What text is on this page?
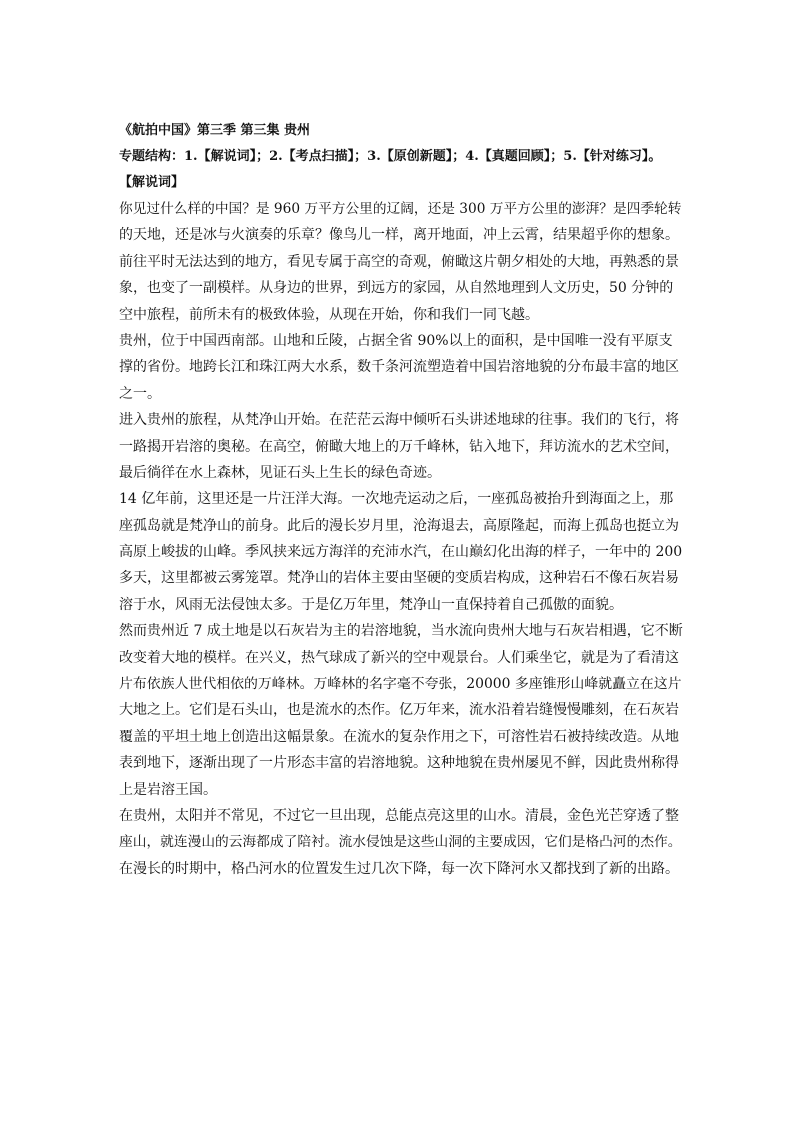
《航拍中国》第三季 第三集 贵州
专题结构：1.【解说词】；2.【考点扫描】；3.【原创新题】；4.【真题回顾】；5.【针对练习】。
【解说词】
你见过什么样的中国？是 960 万平方公里的辽阔，还是 300 万平方公里的澎湃？是四季轮转
的天地，还是冰与火演奏的乐章？像鸟儿一样，离开地面，冲上云霄，结果超乎你的想象。
前往平时无法达到的地方，看见专属于高空的奇观，俯瞰这片朝夕相处的大地，再熟悉的景
象，也变了一副模样。从身边的世界，到远方的家园，从自然地理到人文历史，50 分钟的
空中旅程，前所未有的极致体验，从现在开始，你和我们一同飞越。
贵州，位于中国西南部。山地和丘陵，占据全省 90%以上的面积，是中国唯一没有平原支
撑的省份。地跨长江和珠江两大水系，数千条河流塑造着中国岩溶地貌的分布最丰富的地区
之一。
进入贵州的旅程，从梵净山开始。在茫茫云海中倾听石头讲述地球的往事。我们的飞行，将
一路揭开岩溶的奥秘。在高空，俯瞰大地上的万千峰林，钻入地下，拜访流水的艺术空间，
最后徜徉在水上森林，见证石头上生长的绿色奇迹。
14 亿年前，这里还是一片汪洋大海。一次地壳运动之后，一座孤岛被抬升到海面之上，那
座孤岛就是梵净山的前身。此后的漫长岁月里，沧海退去，高原隆起，而海上孤岛也挺立为
高原上峻拔的山峰。季风挟来远方海洋的充沛水汽，在山巅幻化出海的样子，一年中的 200
多天，这里都被云雾笼罩。梵净山的岩体主要由坚硬的变质岩构成，这种岩石不像石灰岩易
溶于水，风雨无法侵蚀太多。于是亿万年里，梵净山一直保持着自己孤傲的面貌。
然而贵州近 7 成土地是以石灰岩为主的岩溶地貌，当水流向贵州大地与石灰岩相遇，它不断
改变着大地的模样。在兴义，热气球成了新兴的空中观景台。人们乘坐它，就是为了看清这
片布依族人世代相依的万峰林。万峰林的名字毫不夸张，20000 多座锥形山峰就矗立在这片
大地之上。它们是石头山，也是流水的杰作。亿万年来，流水沿着岩缝慢慢雕刻，在石灰岩
覆盖的平坦土地上创造出这幅景象。在流水的复杂作用之下，可溶性岩石被持续改造。从地
表到地下，逐渐出现了一片形态丰富的岩溶地貌。这种地貌在贵州屡见不鲜，因此贵州称得
上是岩溶王国。
在贵州，太阳并不常见，不过它一旦出现，总能点亮这里的山水。清晨，金色光芒穿透了整
座山，就连漫山的云海都成了陪衬。流水侵蚀是这些山洞的主要成因，它们是格凸河的杰作。
在漫长的时期中，格凸河水的位置发生过几次下降，每一次下降河水又都找到了新的出路。
